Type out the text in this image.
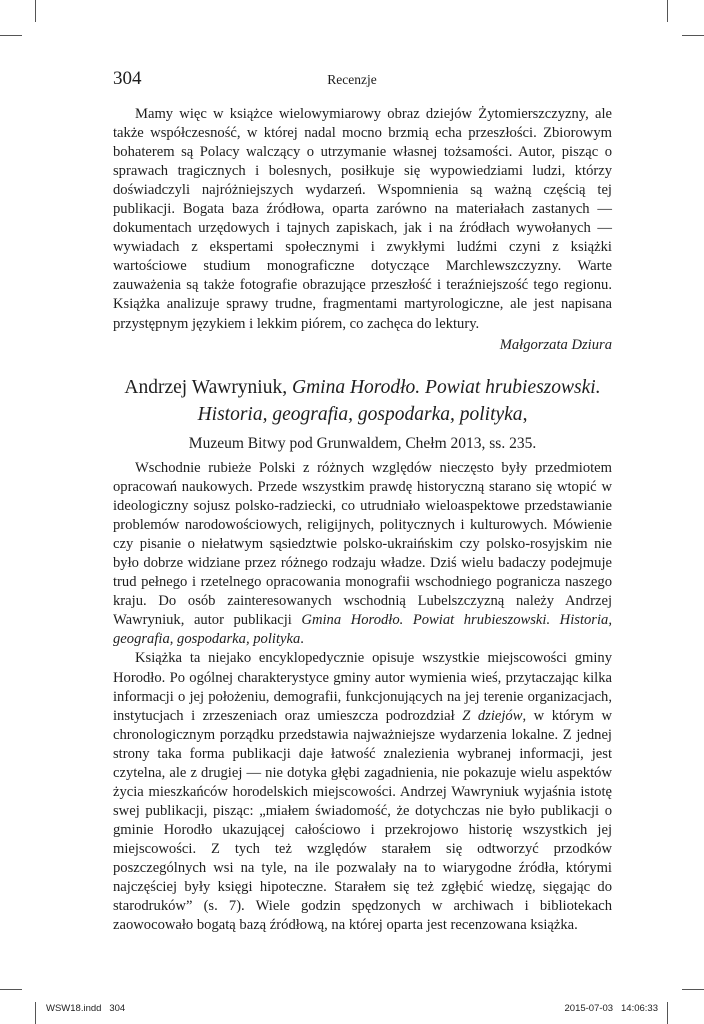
304	Recenzje

Mamy więc w książce wielowymiarowy obraz dziejów Żytomierszczyzny, ale także współczesność, w której nadal mocno brzmią echa przeszłości. Zbiorowym bohaterem są Polacy walczący o utrzymanie własnej tożsamości. Autor, pisząc o sprawach tragicznych i bolesnych, posiłkuje się wypowiedziami ludzi, którzy doświadczyli najróżniejszych wydarzeń. Wspomnienia są ważną częścią tej publikacji. Bogata baza źródłowa, oparta zarówno na materiałach zastanych — dokumentach urzędowych i tajnych zapiskach, jak i na źródłach wywołanych — wywiadach z ekspertami społecznymi i zwykłymi ludźmi czyni z książki wartościowe studium monograficzne dotyczące Marchlewszczyzny. Warte zauważenia są także fotografie obrazujące przeszłość i teraźniejszość tego regionu. Książka analizuje sprawy trudne, fragmentami martyrologiczne, ale jest napisana przystępnym językiem i lekkim piórem, co zachęca do lektury.

Małgorzata Dziura

Andrzej Wawryniuk, Gmina Horodło. Powiat hrubieszowski.
Historia, geografia, gospodarka, polityka,
Muzeum Bitwy pod Grunwaldem, Chełm 2013, ss. 235.

Wschodnie rubieże Polski z różnych względów nieczęsto były przedmiotem opracowań naukowych. Przede wszystkim prawdę historyczną starano się wtopić w ideologiczny sojusz polsko-radziecki, co utrudniało wieloaspektowe przedstawianie problemów narodowościowych, religijnych, politycznych i kulturowych. Mówienie czy pisanie o niełatwym sąsiedztwie polsko-ukraińskim czy polsko-rosyjskim nie było dobrze widziane przez różnego rodzaju władze. Dziś wielu badaczy podejmuje trud pełnego i rzetelnego opracowania monografii wschodniego pogranicza naszego kraju. Do osób zainteresowanych wschodnią Lubelszczyzną należy Andrzej Wawryniuk, autor publikacji Gmina Horodło. Powiat hrubieszowski. Historia, geografia, gospodarka, polityka.

Książka ta niejako encyklopedycznie opisuje wszystkie miejscowości gminy Horodło. Po ogólnej charakterystyce gminy autor wymienia wieś, przytaczając kilka informacji o jej położeniu, demografii, funkcjonujących na jej terenie organizacjach, instytucjach i zrzeszeniach oraz umieszcza podrozdział Z dziejów, w którym w chronologicznym porządku przedstawia najważniejsze wydarzenia lokalne. Z jednej strony taka forma publikacji daje łatwość znalezienia wybranej informacji, jest czytelna, ale z drugiej — nie dotyka głębi zagadnienia, nie pokazuje wielu aspektów życia mieszkańców horodelskich miejscowości. Andrzej Wawryniuk wyjaśnia istotę swej publikacji, pisząc: „miałem świadomość, że dotychczas nie było publikacji o gminie Horodło ukazującej całościowo i przekrojowo historię wszystkich jej miejscowości. Z tych też względów starałem się odtworzyć przodków poszczególnych wsi na tyle, na ile pozwalały na to wiarygodne źródła, którymi najczęściej były księgi hipoteczne. Starałem się też zgłębić wiedzę, sięgając do starodruków” (s. 7). Wiele godzin spędzonych w archiwach i bibliotekach zaowocowało bogatą bazą źródłową, na której oparta jest recenzowana książka.

WSW18.indd   304	2015-07-03   14:06:33
